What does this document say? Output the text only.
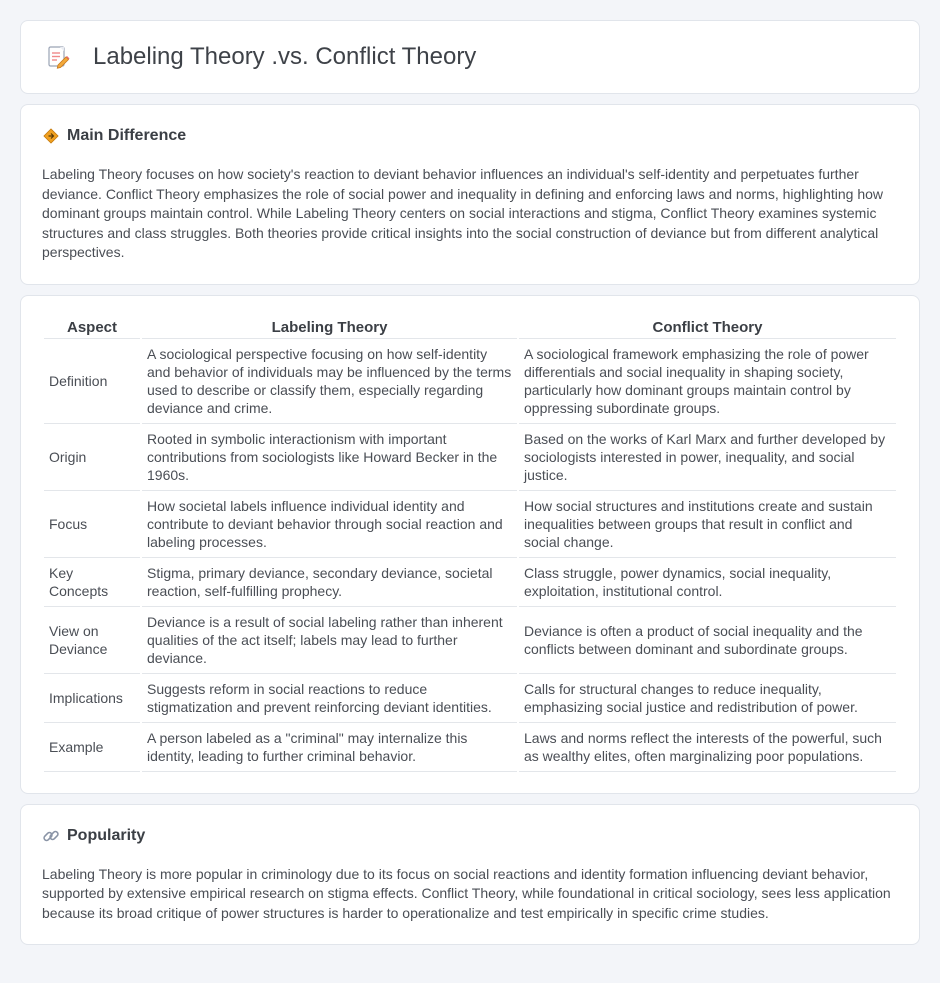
Labeling Theory .vs. Conflict Theory
Main Difference

Labeling Theory focuses on how society's reaction to deviant behavior influences an individual's self-identity and perpetuates further deviance. Conflict Theory emphasizes the role of social power and inequality in defining and enforcing laws and norms, highlighting how dominant groups maintain control. While Labeling Theory centers on social interactions and stigma, Conflict Theory examines systemic structures and class struggles. Both theories provide critical insights into the social construction of deviance but from different analytical perspectives.

Aspect	Labeling Theory	Conflict Theory
Definition	A sociological perspective focusing on how self-identity and behavior of individuals may be influenced by the terms used to describe or classify them, especially regarding deviance and crime.	A sociological framework emphasizing the role of power differentials and social inequality in shaping society, particularly how dominant groups maintain control by oppressing subordinate groups.
Origin	Rooted in symbolic interactionism with important contributions from sociologists like Howard Becker in the 1960s.	Based on the works of Karl Marx and further developed by sociologists interested in power, inequality, and social justice.
Focus	How societal labels influence individual identity and contribute to deviant behavior through social reaction and labeling processes.	How social structures and institutions create and sustain inequalities between groups that result in conflict and social change.
Key Concepts	Stigma, primary deviance, secondary deviance, societal reaction, self-fulfilling prophecy.	Class struggle, power dynamics, social inequality, exploitation, institutional control.
View on Deviance	Deviance is a result of social labeling rather than inherent qualities of the act itself; labels may lead to further deviance.	Deviance is often a product of social inequality and the conflicts between dominant and subordinate groups.
Implications	Suggests reform in social reactions to reduce stigmatization and prevent reinforcing deviant identities.	Calls for structural changes to reduce inequality, emphasizing social justice and redistribution of power.
Example	A person labeled as a "criminal" may internalize this identity, leading to further criminal behavior.	Laws and norms reflect the interests of the powerful, such as wealthy elites, often marginalizing poor populations.
Popularity

Labeling Theory is more popular in criminology due to its focus on social reactions and identity formation influencing deviant behavior, supported by extensive empirical research on stigma effects. Conflict Theory, while foundational in critical sociology, sees less application because its broad critique of power structures is harder to operationalize and test empirically in specific crime studies.
